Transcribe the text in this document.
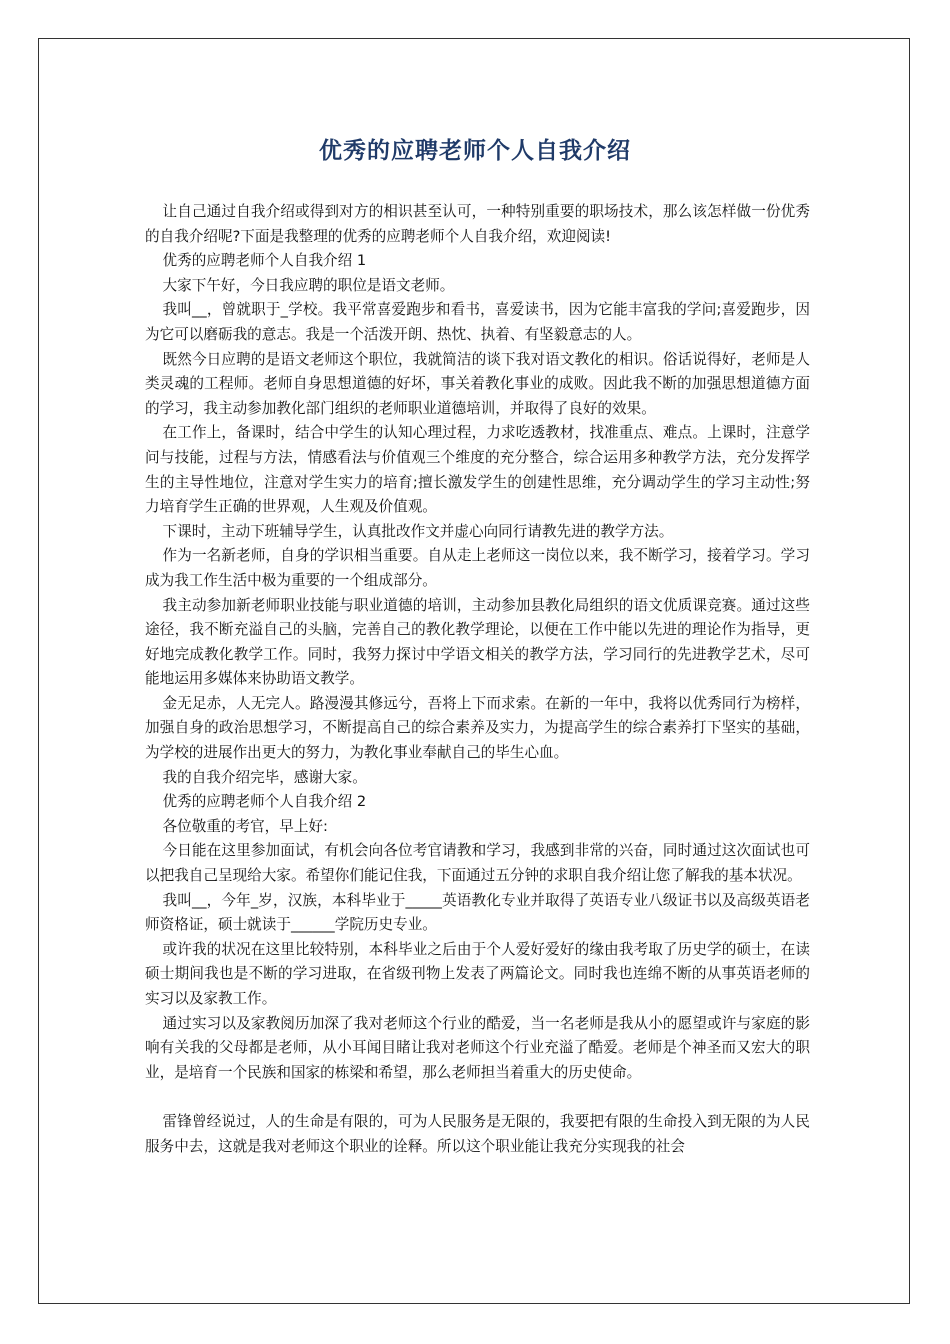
优秀的应聘老师个人自我介绍

让自己通过自我介绍或得到对方的相识甚至认可，一种特别重要的职场技术，那么该怎样做一份优秀的自我介绍呢?下面是我整理的优秀的应聘老师个人自我介绍，欢迎阅读!

优秀的应聘老师个人自我介绍 1

大家下午好，今日我应聘的职位是语文老师。

我叫__，曾就职于_学校。我平常喜爱跑步和看书，喜爱读书，因为它能丰富我的学问;喜爱跑步，因为它可以磨砺我的意志。我是一个活泼开朗、热忱、执着、有坚毅意志的人。

既然今日应聘的是语文老师这个职位，我就简洁的谈下我对语文教化的相识。俗话说得好，老师是人类灵魂的工程师。老师自身思想道德的好坏，事关着教化事业的成败。因此我不断的加强思想道德方面的学习，我主动参加教化部门组织的老师职业道德培训，并取得了良好的效果。

在工作上，备课时，结合中学生的认知心理过程，力求吃透教材，找准重点、难点。上课时，注意学问与技能，过程与方法，情感看法与价值观三个维度的充分整合，综合运用多种教学方法，充分发挥学生的主导性地位，注意对学生实力的培育;擅长激发学生的创建性思维，充分调动学生的学习主动性;努力培育学生正确的世界观，人生观及价值观。

下课时，主动下班辅导学生，认真批改作文并虚心向同行请教先进的教学方法。

作为一名新老师，自身的学识相当重要。自从走上老师这一岗位以来，我不断学习，接着学习。学习成为我工作生活中极为重要的一个组成部分。

我主动参加新老师职业技能与职业道德的培训，主动参加县教化局组织的语文优质课竞赛。通过这些途径，我不断充溢自己的头脑，完善自己的教化教学理论，以便在工作中能以先进的理论作为指导，更好地完成教化教学工作。同时，我努力探讨中学语文相关的教学方法，学习同行的先进教学艺术，尽可能地运用多媒体来协助语文教学。

金无足赤，人无完人。路漫漫其修远兮，吾将上下而求索。在新的一年中，我将以优秀同行为榜样，加强自身的政治思想学习，不断提高自己的综合素养及实力，为提高学生的综合素养打下坚实的基础，为学校的进展作出更大的努力，为教化事业奉献自己的毕生心血。

我的自我介绍完毕，感谢大家。

优秀的应聘老师个人自我介绍 2

各位敬重的考官，早上好:

今日能在这里参加面试，有机会向各位考官请教和学习，我感到非常的兴奋，同时通过这次面试也可以把我自己呈现给大家。希望你们能记住我，下面通过五分钟的求职自我介绍让您了解我的基本状况。

我叫__，今年_岁，汉族，本科毕业于_____英语教化专业并取得了英语专业八级证书以及高级英语老师资格证，硕士就读于______学院历史专业。

或许我的状况在这里比较特别，本科毕业之后由于个人爱好爱好的缘由我考取了历史学的硕士，在读硕士期间我也是不断的学习进取，在省级刊物上发表了两篇论文。同时我也连绵不断的从事英语老师的实习以及家教工作。

通过实习以及家教阅历加深了我对老师这个行业的酷爱，当一名老师是我从小的愿望或许与家庭的影响有关我的父母都是老师，从小耳闻目睹让我对老师这个行业充溢了酷爱。老师是个神圣而又宏大的职业，是培育一个民族和国家的栋梁和希望，那么老师担当着重大的历史使命。

雷锋曾经说过，人的生命是有限的，可为人民服务是无限的，我要把有限的生命投入到无限的为人民服务中去，这就是我对老师这个职业的诠释。所以这个职业能让我充分实现我的社会
